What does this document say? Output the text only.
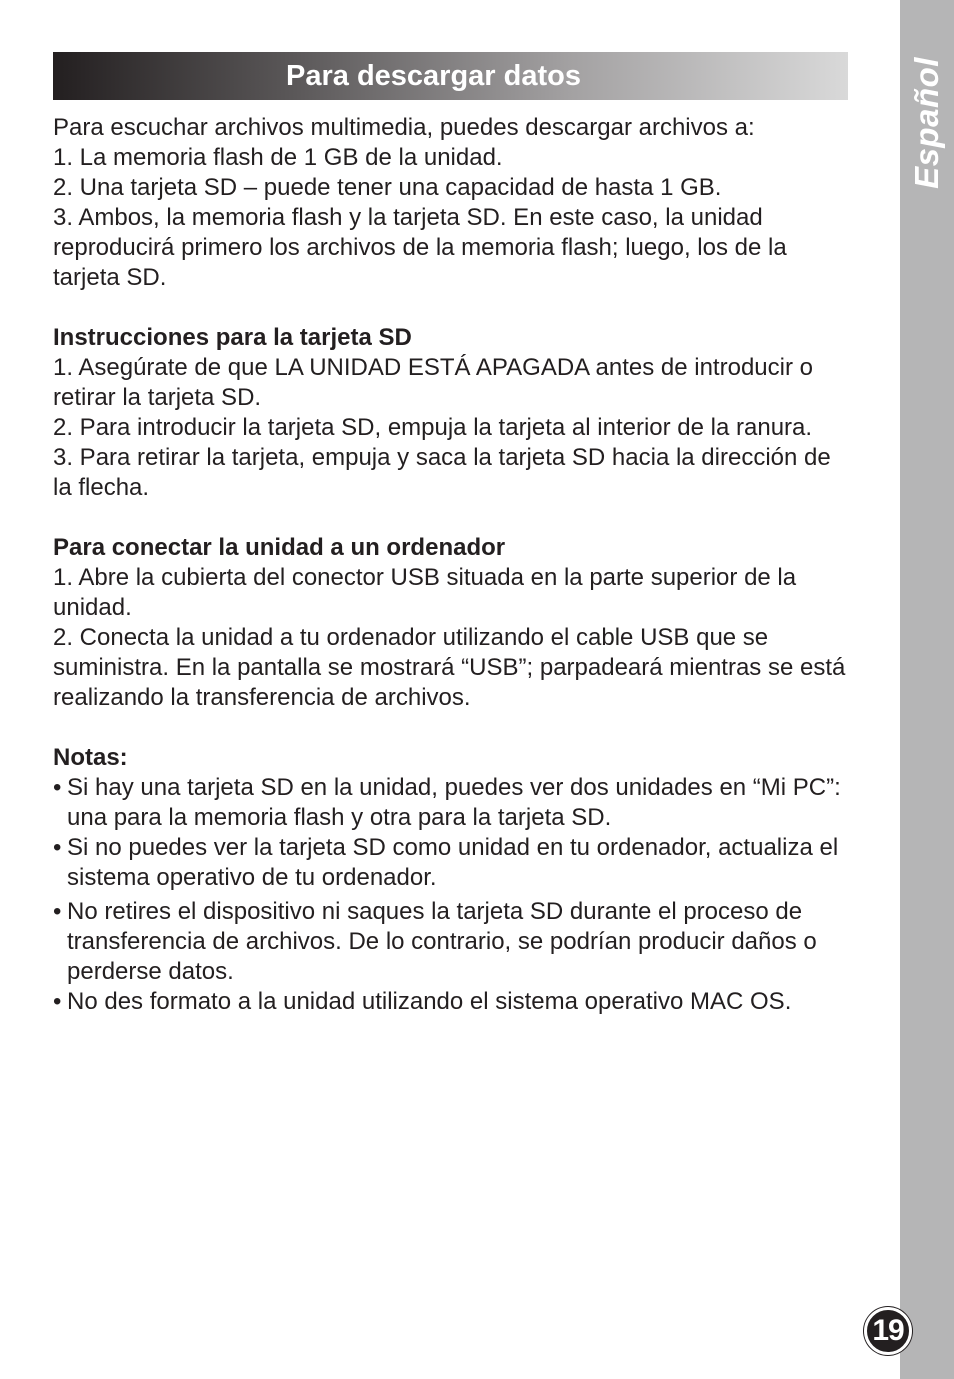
Español
19
Para descargar datos

Para escuchar archivos multimedia, puedes descargar archivos a:

1. La memoria flash de 1 GB de la unidad.

2. Una tarjeta SD – puede tener una capacidad de hasta 1 GB.

3. Ambos, la memoria flash y la tarjeta SD. En este caso, la unidad reproducirá primero los archivos de la memoria flash; luego, los de la tarjeta SD.

Instrucciones para la tarjeta SD

1. Asegúrate de que LA UNIDAD ESTÁ APAGADA antes de introducir o retirar la tarjeta SD.

2. Para introducir la tarjeta SD, empuja la tarjeta al interior de la ranura.

3. Para retirar la tarjeta, empuja y saca la tarjeta SD hacia la dirección de la flecha.

Para conectar la unidad a un ordenador

1. Abre la cubierta del conector USB situada en la parte superior de la unidad.

2. Conecta la unidad a tu ordenador utilizando el cable USB que se suministra. En la pantalla se mostrará “USB”; parpadeará mientras se está realizando la transferencia de archivos.

Notas:

• Si hay una tarjeta SD en la unidad, puedes ver dos unidades en “Mi PC”: una para la memoria flash y otra para la tarjeta SD.
• Si no puedes ver la tarjeta SD como unidad en tu ordenador, actualiza el sistema operativo de tu ordenador.
• No retires el dispositivo ni saques la tarjeta SD durante el proceso de transferencia de archivos. De lo contrario, se podrían producir daños o perderse datos.
• No des formato a la unidad utilizando el sistema operativo MAC OS.
